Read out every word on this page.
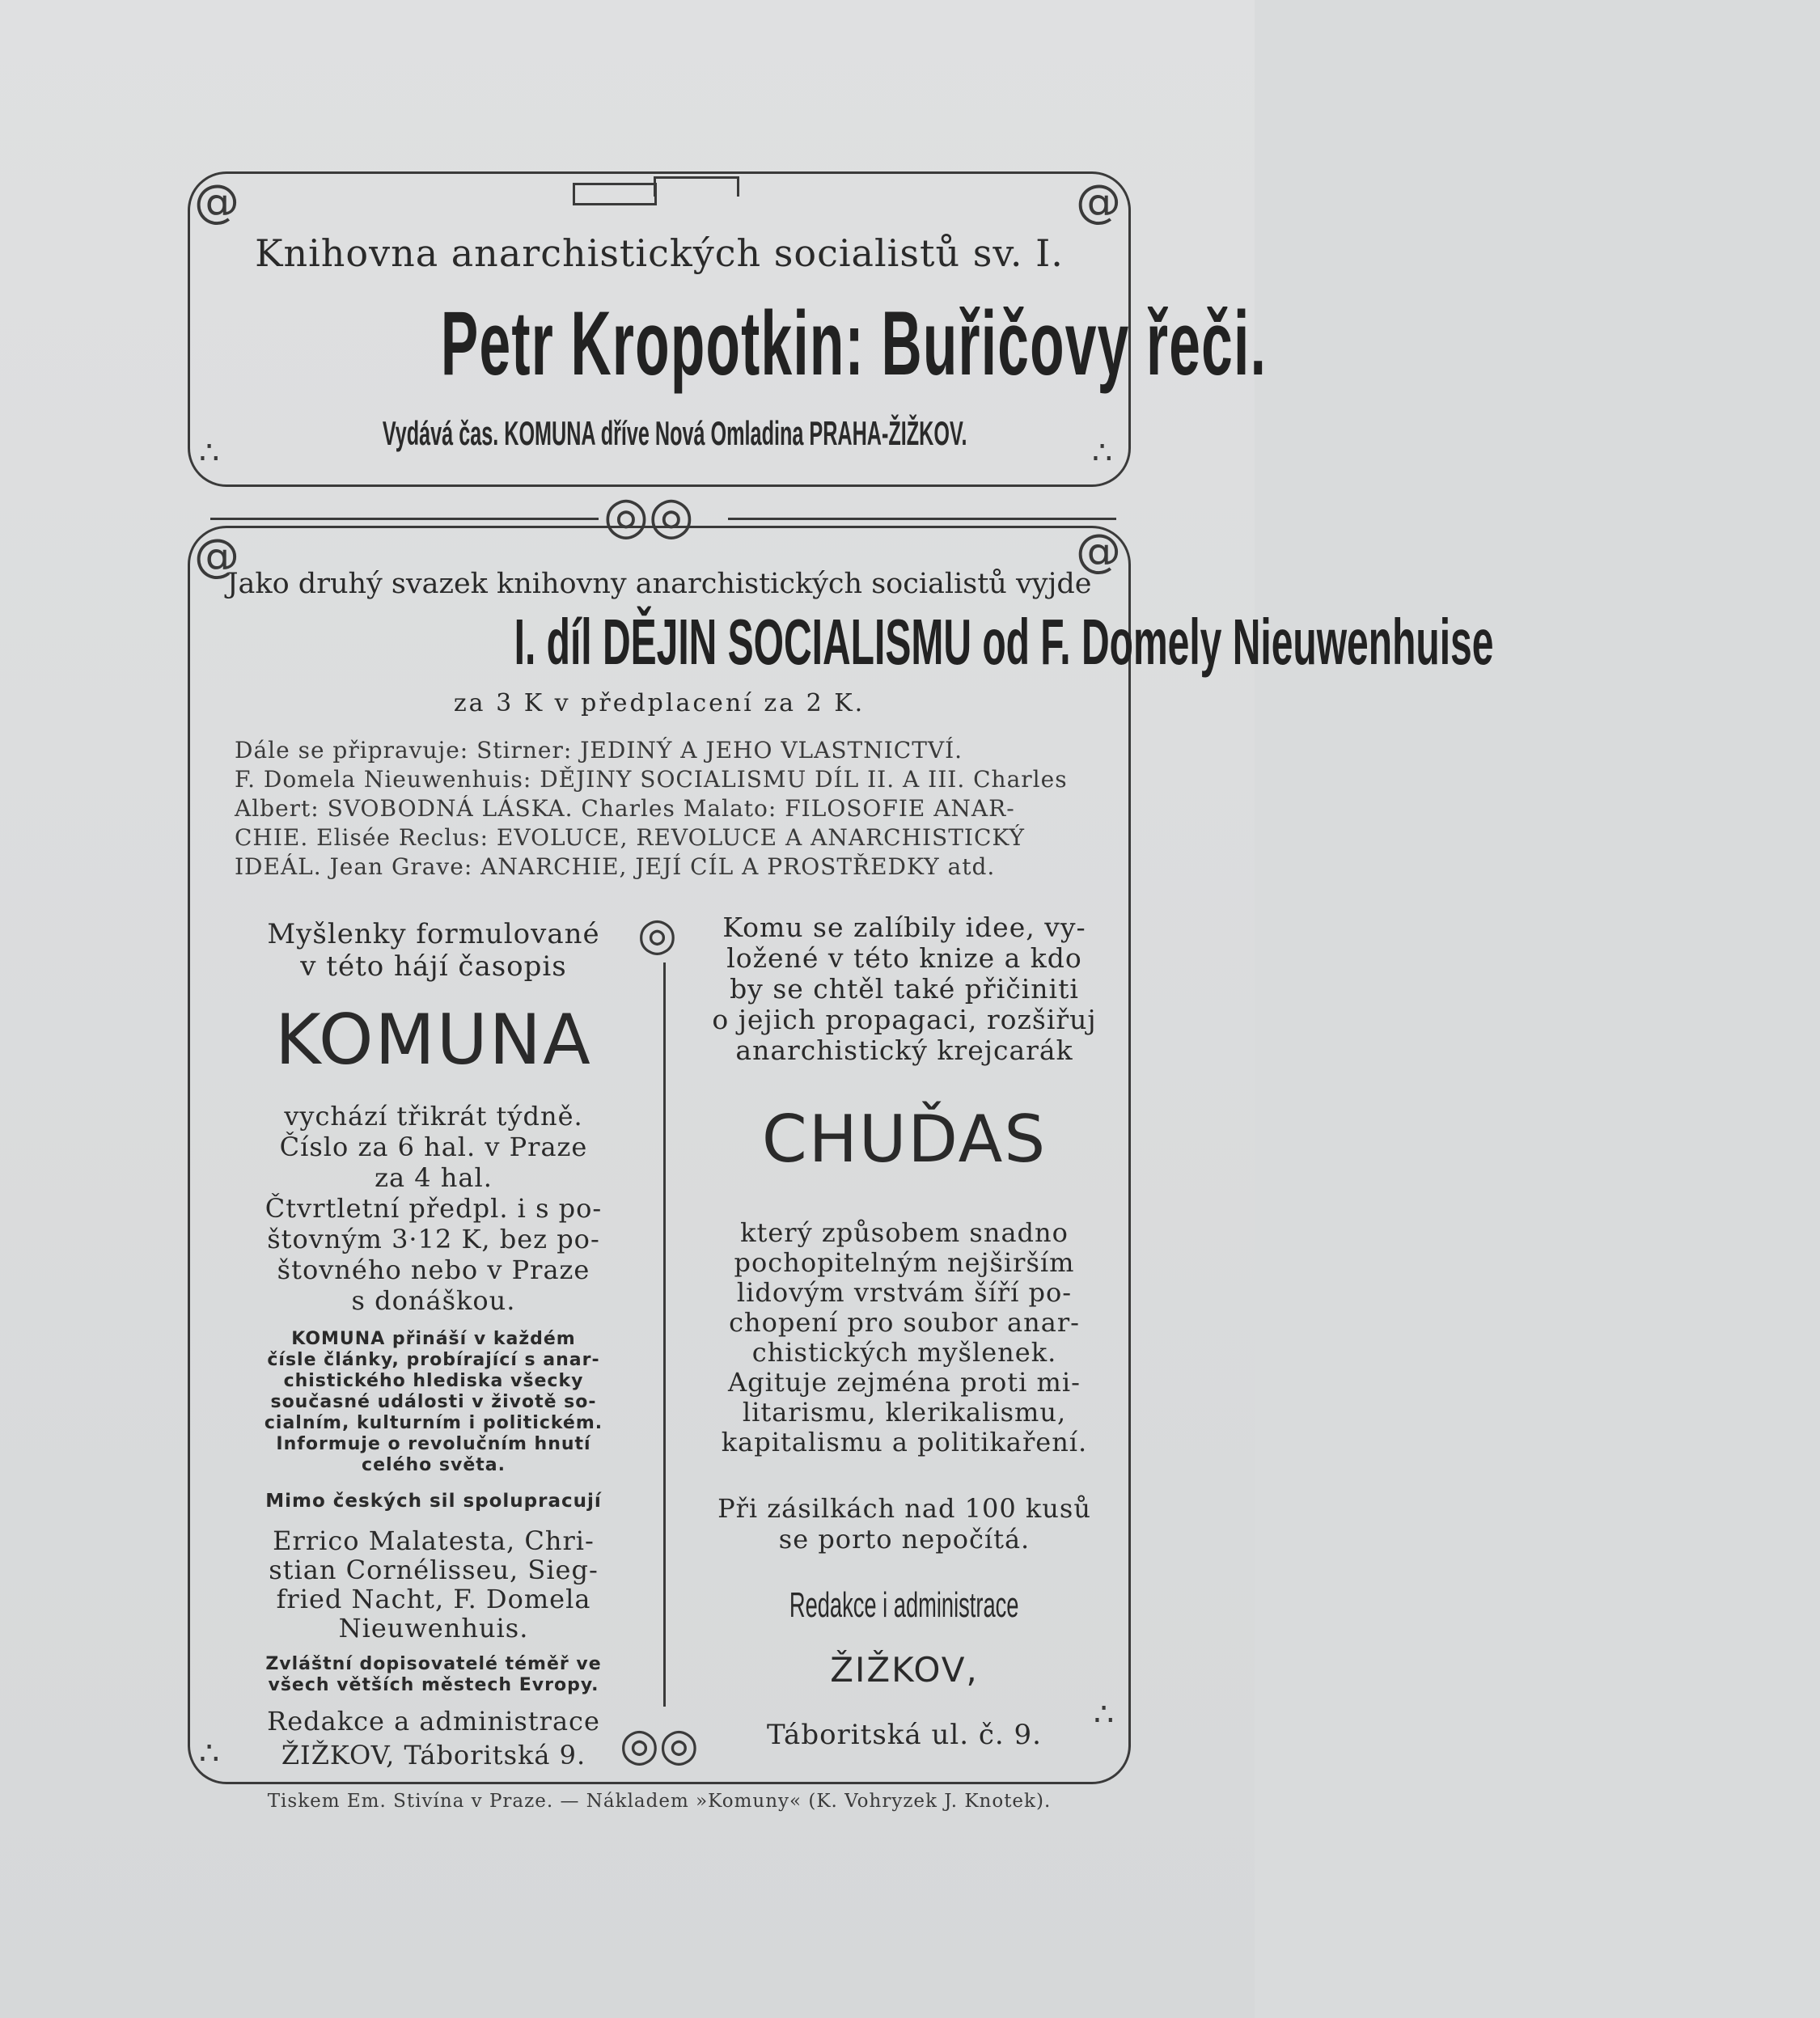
@	@
∴	∴
Knihovna anarchistických socialistů sv. I.
Petr Kropotkin: Buřičovy řeči.
Vydává čas. KOMUNA dříve Nová Omladina PRAHA-ŽIŽKOV.
◎◎
@	@
∴
∴
Jako druhý svazek knihovny anarchistických socialistů vyjde
I. díl DĚJIN SOCIALISMU od F. Domely Nieuwenhuise
za 3 K v předplacení za 2 K.
Dále se připravuje: Stirner: JEDINÝ A JEHO VLASTNICTVÍ.
F. Domela Nieuwenhuis: DĚJINY SOCIALISMU DÍL II. A III. Charles
Albert: SVOBODNÁ LÁSKA. Charles Malato: FILOSOFIE ANAR-
CHIE. Elisée Reclus: EVOLUCE, REVOLUCE A ANARCHISTICKÝ
IDEÁL. Jean Grave: ANARCHIE, JEJÍ CÍL A PROSTŘEDKY atd.
◎
◎◎
Myšlenky formulované
v této hájí časopis
KOMUNA
vychází třikrát týdně.
Číslo za 6 hal. v Praze
za 4 hal.
Čtvrtletní předpl. i s po-
štovným 3·12 K, bez po-
štovného nebo v Praze
s donáškou.
KOMUNA přináší v každém
čísle články, probírající s anar-
chistického hlediska všecky
současné události v životě so-
cialním, kulturním i politickém.
Informuje o revolučním hnutí
celého světa.
Mimo českých sil spolupracují
Errico Malatesta, Chri-
stian Cornélisseu, Sieg-
fried Nacht, F. Domela
Nieuwenhuis.
Zvláštní dopisovatelé téměř ve
všech větších městech Evropy.
Redakce a administrace
ŽIŽKOV, Táboritská 9.
Komu se zalíbily idee, vy-
ložené v této knize a kdo
by se chtěl také přičiniti
o jejich propagaci, rozšiřuj
anarchistický krejcarák
CHUĎAS
který způsobem snadno
pochopitelným nejširším
lidovým vrstvám šíří po-
chopení pro soubor anar-
chistických myšlenek.
Agituje zejména proti mi-
litarismu, klerikalismu,
kapitalismu a politikaření.
Při zásilkách nad 100 kusů
se porto nepočítá.
Redakce i administrace
ŽIŽKOV,
Táboritská ul. č. 9.
Tiskem Em. Stivína v Praze. — Nákladem »Komuny« (K. Vohryzek J. Knotek).
